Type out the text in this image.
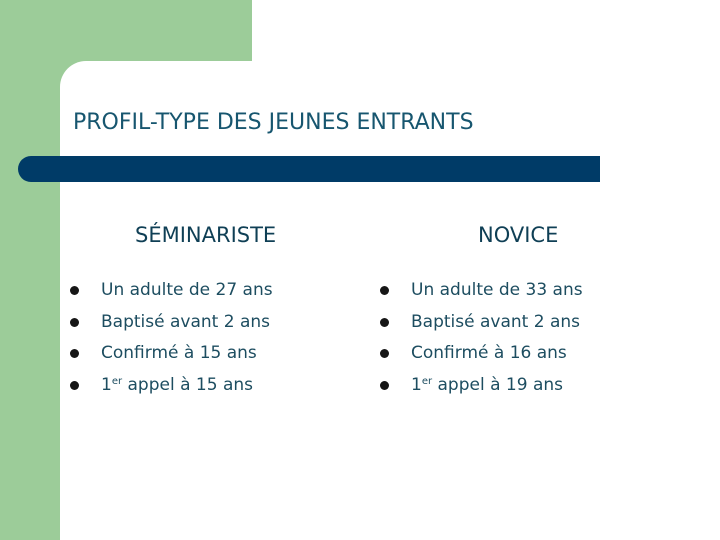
PROFIL-TYPE DES JEUNES ENTRANTS
SÉMINARISTE	NOVICE
Un adulte de 27 ans
Baptisé avant 2 ans
Confirmé à 15 ans
1er appel à 15 ans
Un adulte de 33 ans
Baptisé avant 2 ans
Confirmé à 16 ans
1er appel à 19 ans
